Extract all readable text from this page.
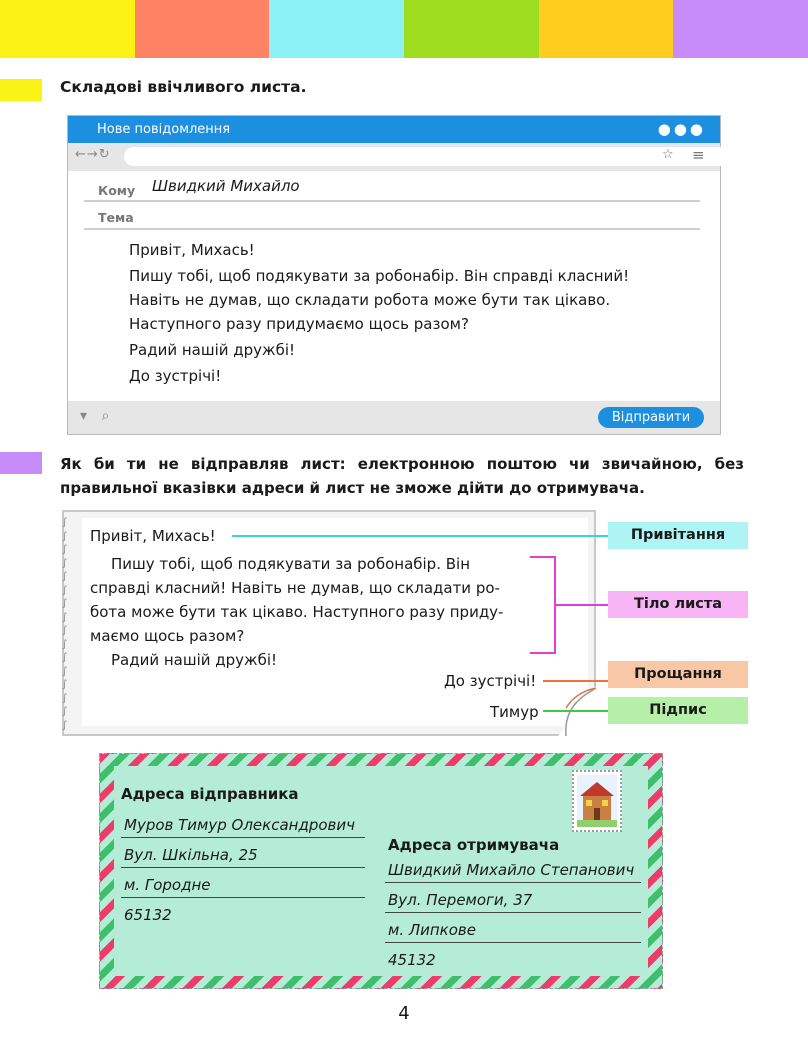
Складові ввічливого листа.
Нове повідомлення	●●●
←→↻	☆ ≡
Кому Швидкий Михайло
Тема

Привіт, Михась!

Пишу тобі, щоб подякувати за робонабір. Він справді класний! Навіть не думав, що складати робота може бути так цікаво. Наступного разу придумаємо щось разом?

Радий нашій дружбі!

До зустрічі!

▾ ⌕	Відправити
Як би ти не відправляв лист: електронною поштою чи звичайною, без правильної вказівки адреси й лист не зможе дійти до отримувача.
∫
∫
∫
∫
∫
∫
∫
∫
∫
∫
∫
∫
∫
∫
∫
∫
Привіт, Михась!
Пишу тобі, щоб подякувати за робонабір. Він
справді класний! Навіть не думав, що складати ро-
бота може бути так цікаво. Наступного разу приду-
маємо щось разом?
Радий нашій дружбі!
До зустрічі!
Тимур
Привітання
Тіло листа
Прощання
Підпис
Адреса відправника
Муров Тимур Олександрович
Вул. Шкільна, 25
м. Городне
65132
Адреса отримувача
Швидкий Михайло Степанович
Вул. Перемоги, 37
м. Липкове
45132
4
